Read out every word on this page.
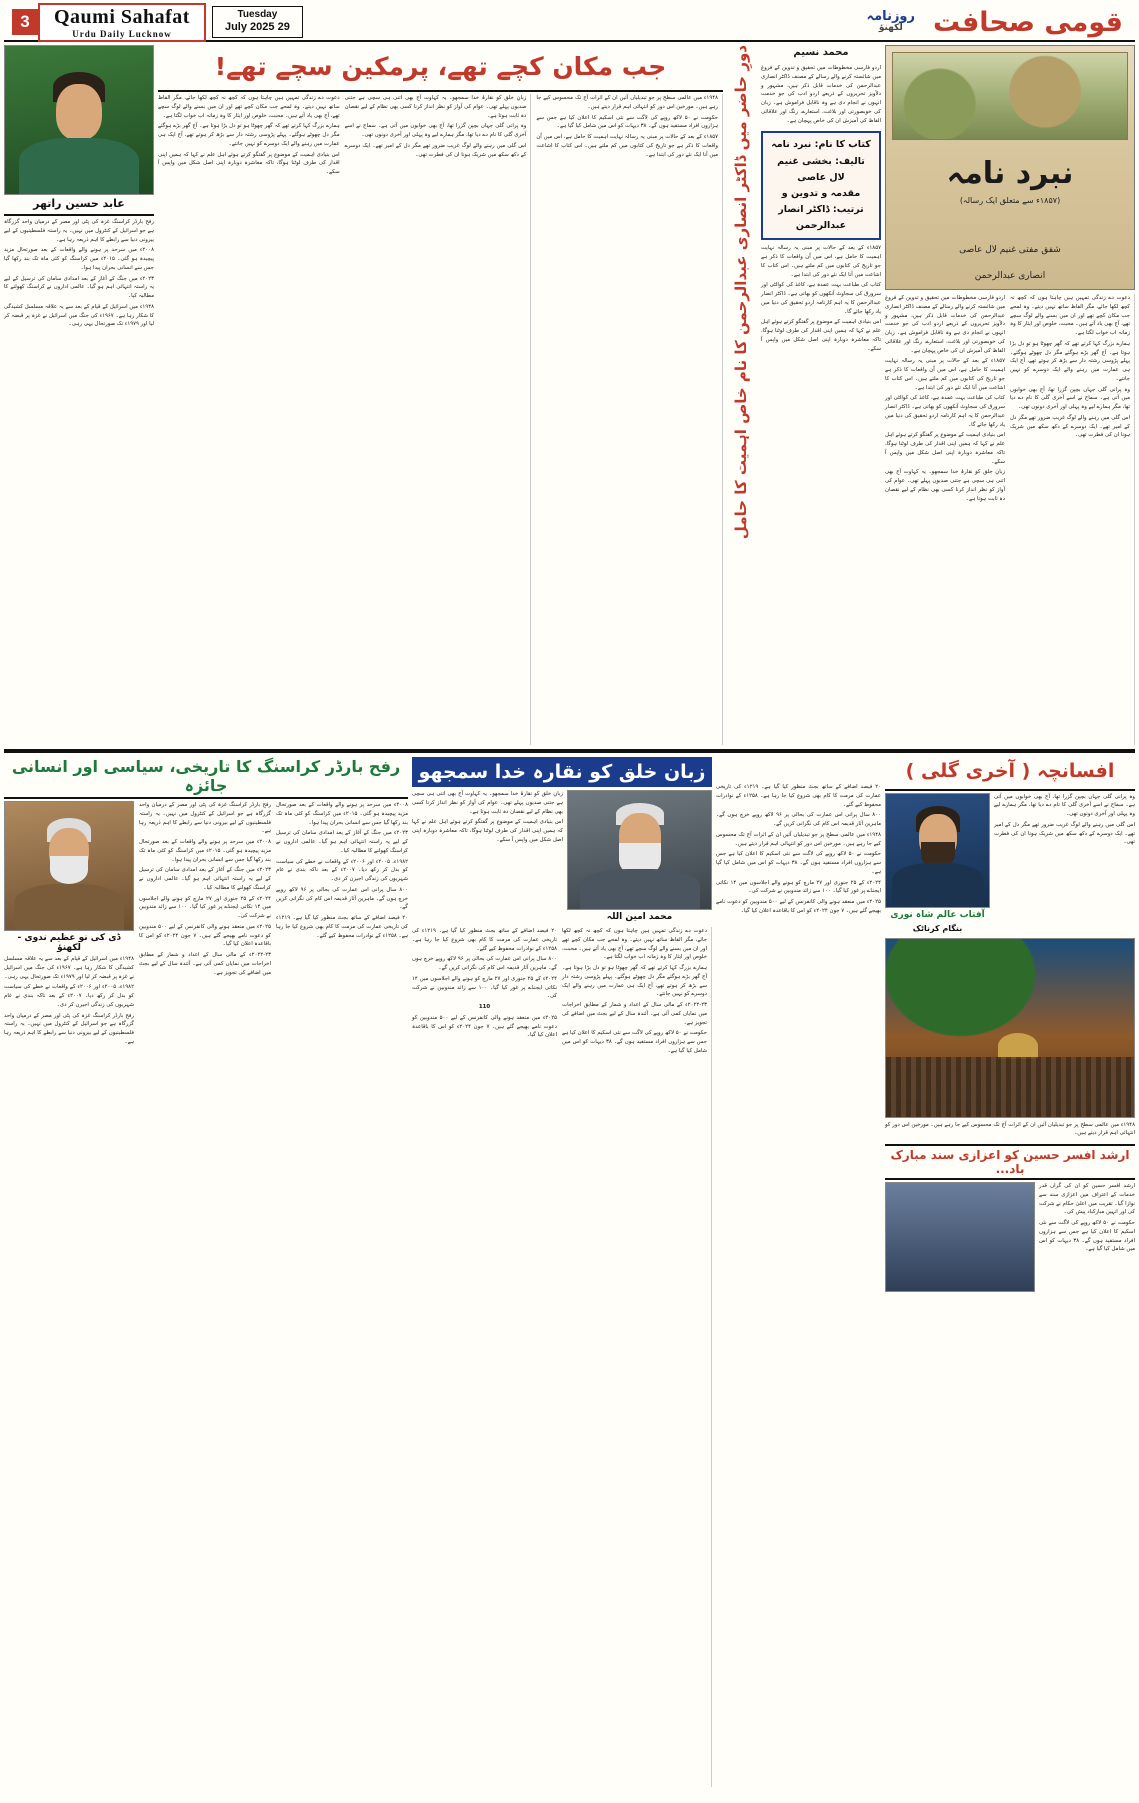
3	Qaumi Sahafat
Urdu Daily Lucknow
Tuesday
29 July 2025
روزنامہ
لکھنؤ	قومی صحافت
نبرد نامہ
(۱۸۵۷ء سے متعلق ایک رسالہ)
شفق مفتی غنیم لال عاصی
انصاری عبدالرحمن

اردو فارسی مخطوطات میں تحقیق و تدوین کے فروغ میں شائستہ کرنے والے رسالے کے مصنف ڈاکٹر انصاری عبدالرحمن کی خدمات قابل ذکر ہیں، مشہور و دلآویز تحریروں کے ذریعے اردو ادب کی جو خدمت انہوں نے انجام دی ہے وہ ناقابل فراموش ہے۔ زبان کی خوبصورتی اور بلاغت، استعارے، رنگ اور علاقائی الفاظ کی آمیزش ان کی خاص پہچان ہے۔

۱۸۵۷ء کے بعد کے حالات پر مبنی یہ رسالہ نہایت اہمیت کا حامل ہے، اس میں اُن واقعات کا ذکر ہے جو تاریخ کی کتابوں میں کم ملتے ہیں۔ اس کتاب کا اشاعت میں آنا ایک نئے دور کی ابتدا ہے۔

کتاب کی طباعت بہت عمدہ ہے، کاغذ کی کوالٹی اور سرورق کی سجاوٹ آنکھوں کو بھاتی ہے۔ ڈاکٹر انصار عبدالرحمن کا یہ اہم کارنامہ اردو تحقیق کی دنیا میں یاد رکھا جائے گا۔

اس بنیادی اہمیت کے موضوع پر گفتگو کرتے ہوئے اہل علم نے کہا کہ ہمیں اپنی اقدار کی طرف لوٹنا ہوگا، تاکہ معاشرہ دوبارہ اپنی اصل شکل میں واپس آ سکے۔

زبانِ خلق کو نقارۂ خدا سمجھو۔ یہ کہاوت آج بھی اتنی ہی سچی ہے جتنی صدیوں پہلے تھی۔ عوام کی آواز کو نظر انداز کرنا کسی بھی نظام کے لیے نقصان دہ ثابت ہوتا ہے۔

دعوت دے زندگی تمہیں ہیں چاہتا ہوں کہ کچھ نہ کچھ لکھا جائے، مگر الفاظ ساتھ نہیں دیتے۔ وہ لمحے جب مکان کچے تھے اور ان میں بسنے والے لوگ سچے تھے، آج بھی یاد آتے ہیں۔ محبت، خلوص اور ایثار کا وہ زمانہ اب خواب لگتا ہے۔

ہمارے بزرگ کہا کرتے تھے کہ گھر چھوٹا ہو تو دل بڑا ہوتا ہے۔ آج گھر بڑے ہوگئے مگر دل چھوٹے ہوگئے۔ پہلے پڑوسی رشتہ دار سے بڑھ کر ہوتے تھے، آج ایک ہی عمارت میں رہنے والے ایک دوسرے کو نہیں جانتے۔

وہ پرانی گلی جہاں بچپن گزرا تھا، آج بھی خوابوں میں آتی ہے۔ سماج نے اسے آخری گلی کا نام دے دیا تھا، مگر ہمارے لیے وہ پہلی اور آخری دونوں تھی۔

اس گلی میں رہنے والے لوگ غریب ضرور تھے مگر دل کے امیر تھے۔ ایک دوسرے کے دکھ سکھ میں شریک ہونا ان کی فطرت تھی۔

محمد نسیم

اردو فارسی مخطوطات میں تحقیق و تدوین کے فروغ میں شائستہ کرنے والے رسالے کے مصنف ڈاکٹر انصاری عبدالرحمن کی خدمات قابل ذکر ہیں، مشہور و دلآویز تحریروں کے ذریعے اردو ادب کی جو خدمت انہوں نے انجام دی ہے وہ ناقابل فراموش ہے۔ زبان کی خوبصورتی اور بلاغت، استعارے، رنگ اور علاقائی الفاظ کی آمیزش ان کی خاص پہچان ہے۔

کتاب کا نام: نبرد نامہ
تالیف: بخشی غنیم لال عاصی
مقدمہ و تدوین و ترتیب: ڈاکٹر انصار عبدالرحمن

۱۸۵۷ء کے بعد کے حالات پر مبنی یہ رسالہ نہایت اہمیت کا حامل ہے، اس میں اُن واقعات کا ذکر ہے جو تاریخ کی کتابوں میں کم ملتے ہیں۔ اس کتاب کا اشاعت میں آنا ایک نئے دور کی ابتدا ہے۔

کتاب کی طباعت بہت عمدہ ہے، کاغذ کی کوالٹی اور سرورق کی سجاوٹ آنکھوں کو بھاتی ہے۔ ڈاکٹر انصار عبدالرحمن کا یہ اہم کارنامہ اردو تحقیق کی دنیا میں یاد رکھا جائے گا۔

اس بنیادی اہمیت کے موضوع پر گفتگو کرتے ہوئے اہل علم نے کہا کہ ہمیں اپنی اقدار کی طرف لوٹنا ہوگا، تاکہ معاشرہ دوبارہ اپنی اصل شکل میں واپس آ سکے۔

دورِ حاضر میں ڈاکٹر انصاری عبدالرحمن کا نام خاص اہمیت کا حامل
جب مکان کچے تھے، پرمکین سچے تھے!

دعوت دے زندگی تمہیں ہیں چاہتا ہوں کہ کچھ نہ کچھ لکھا جائے، مگر الفاظ ساتھ نہیں دیتے۔ وہ لمحے جب مکان کچے تھے اور ان میں بسنے والے لوگ سچے تھے، آج بھی یاد آتے ہیں۔ محبت، خلوص اور ایثار کا وہ زمانہ اب خواب لگتا ہے۔

ہمارے بزرگ کہا کرتے تھے کہ گھر چھوٹا ہو تو دل بڑا ہوتا ہے۔ آج گھر بڑے ہوگئے مگر دل چھوٹے ہوگئے۔ پہلے پڑوسی رشتہ دار سے بڑھ کر ہوتے تھے، آج ایک ہی عمارت میں رہنے والے ایک دوسرے کو نہیں جانتے۔

اس بنیادی اہمیت کے موضوع پر گفتگو کرتے ہوئے اہل علم نے کہا کہ ہمیں اپنی اقدار کی طرف لوٹنا ہوگا، تاکہ معاشرہ دوبارہ اپنی اصل شکل میں واپس آ سکے۔

زبانِ خلق کو نقارۂ خدا سمجھو۔ یہ کہاوت آج بھی اتنی ہی سچی ہے جتنی صدیوں پہلے تھی۔ عوام کی آواز کو نظر انداز کرنا کسی بھی نظام کے لیے نقصان دہ ثابت ہوتا ہے۔

وہ پرانی گلی جہاں بچپن گزرا تھا، آج بھی خوابوں میں آتی ہے۔ سماج نے اسے آخری گلی کا نام دے دیا تھا، مگر ہمارے لیے وہ پہلی اور آخری دونوں تھی۔

اس گلی میں رہنے والے لوگ غریب ضرور تھے مگر دل کے امیر تھے۔ ایک دوسرے کے دکھ سکھ میں شریک ہونا ان کی فطرت تھی۔

۱۹۴۸ء میں عالمی سطح پر جو تبدیلیاں آئیں ان کے اثرات آج تک محسوس کیے جا رہے ہیں۔ مورخین اس دور کو انتہائی اہم قرار دیتے ہیں۔

حکومت نے ۵۰ لاکھ روپے کی لاگت سے نئی اسکیم کا اعلان کیا ہے جس سے ہزاروں افراد مستفید ہوں گے۔ ۳۸ دیہات کو اس میں شامل کیا گیا ہے۔

۱۸۵۷ء کے بعد کے حالات پر مبنی یہ رسالہ نہایت اہمیت کا حامل ہے، اس میں اُن واقعات کا ذکر ہے جو تاریخ کی کتابوں میں کم ملتے ہیں۔ اس کتاب کا اشاعت میں آنا ایک نئے دور کی ابتدا ہے۔

عابد حسین راتھر

رفح بارڈر کراسنگ غزہ کی پٹی اور مصر کے درمیان واحد گزرگاہ ہے جو اسرائیل کے کنٹرول میں نہیں۔ یہ راستہ فلسطینیوں کے لیے بیرونی دنیا سے رابطے کا اہم ذریعہ رہا ہے۔

۲۰۰۸ء میں سرحد پر ہونے والے واقعات کے بعد صورتحال مزید پیچیدہ ہو گئی۔ ۲۰۱۵ء میں کراسنگ کو کئی ماہ تک بند رکھا گیا جس سے انسانی بحران پیدا ہوا۔

۲۰۲۳ء میں جنگ کے آغاز کے بعد امدادی سامان کی ترسیل کے لیے یہ راستہ انتہائی اہم ہو گیا۔ عالمی اداروں نے کراسنگ کھولنے کا مطالبہ کیا۔

۱۹۴۸ء میں اسرائیل کے قیام کے بعد سے یہ علاقہ مسلسل کشیدگی کا شکار رہا ہے۔ ۱۹۶۷ء کی جنگ میں اسرائیل نے غزہ پر قبضہ کر لیا اور ۱۹۷۹ء تک صورتحال یہی رہی۔

افسانچہ ( آخری گلی )
آفتاب عالم شاہ نوری
بنگام کرناٹک

وہ پرانی گلی جہاں بچپن گزرا تھا، آج بھی خوابوں میں آتی ہے۔ سماج نے اسے آخری گلی کا نام دے دیا تھا، مگر ہمارے لیے وہ پہلی اور آخری دونوں تھی۔

اس گلی میں رہنے والے لوگ غریب ضرور تھے مگر دل کے امیر تھے۔ ایک دوسرے کے دکھ سکھ میں شریک ہونا ان کی فطرت تھی۔

۱۹۴۸ء میں عالمی سطح پر جو تبدیلیاں آئیں ان کے اثرات آج تک محسوس کیے جا رہے ہیں۔ مورخین اس دور کو انتہائی اہم قرار دیتے ہیں۔

ارشد افسر حسین کو اعزازی سند مبارک باد...

ارشد افسر حسین کو ان کی گراں قدر خدمات کے اعتراف میں اعزازی سند سے نوازا گیا۔ تقریب میں اعلیٰ حکام نے شرکت کی اور انہیں مبارکباد پیش کی۔

حکومت نے ۵۰ لاکھ روپے کی لاگت سے نئی اسکیم کا اعلان کیا ہے جس سے ہزاروں افراد مستفید ہوں گے۔ ۳۸ دیہات کو اس میں شامل کیا گیا ہے۔

۲۰ فیصد اضافے کے ساتھ بجٹ منظور کیا گیا ہے۔ ۱۲۱۹ء کی تاریخی عمارت کی مرمت کا کام بھی شروع کیا جا رہا ہے۔ ۱۲۵۸ء کے نوادرات محفوظ کیے گئے۔

۸۰۰ سال پرانی اس عمارت کی بحالی پر ۹۶ لاکھ روپے خرچ ہوں گے۔ ماہرین آثار قدیمہ اس کام کی نگرانی کریں گے۔

۱۹۴۸ء میں عالمی سطح پر جو تبدیلیاں آئیں ان کے اثرات آج تک محسوس کیے جا رہے ہیں۔ مورخین اس دور کو انتہائی اہم قرار دیتے ہیں۔

حکومت نے ۵۰ لاکھ روپے کی لاگت سے نئی اسکیم کا اعلان کیا ہے جس سے ہزاروں افراد مستفید ہوں گے۔ ۳۸ دیہات کو اس میں شامل کیا گیا ہے۔

۲۰۲۴ء کے ۲۵ جنوری اور ۲۷ مارچ کو ہونے والے اجلاسوں میں ۱۴ نکاتی ایجنڈے پر غور کیا گیا۔ ۱۰۰ سے زائد مندوبین نے شرکت کی۔

۲۰۲۵ء میں منعقد ہونے والی کانفرنس کے لیے ۵۰۰ مندوبین کو دعوت نامے بھیجے گئے ہیں۔ ۷ جون ۲۰۲۴ء کو اس کا باقاعدہ اعلان کیا گیا۔

زبان خلق کو نقارہ خدا سمجھو

زبانِ خلق کو نقارۂ خدا سمجھو۔ یہ کہاوت آج بھی اتنی ہی سچی ہے جتنی صدیوں پہلے تھی۔ عوام کی آواز کو نظر انداز کرنا کسی بھی نظام کے لیے نقصان دہ ثابت ہوتا ہے۔

اس بنیادی اہمیت کے موضوع پر گفتگو کرتے ہوئے اہل علم نے کہا کہ ہمیں اپنی اقدار کی طرف لوٹنا ہوگا، تاکہ معاشرہ دوبارہ اپنی اصل شکل میں واپس آ سکے۔

محمد امین اللہ

۲۰ فیصد اضافے کے ساتھ بجٹ منظور کیا گیا ہے۔ ۱۲۱۹ء کی تاریخی عمارت کی مرمت کا کام بھی شروع کیا جا رہا ہے۔ ۱۲۵۸ء کے نوادرات محفوظ کیے گئے۔

۸۰۰ سال پرانی اس عمارت کی بحالی پر ۹۶ لاکھ روپے خرچ ہوں گے۔ ماہرین آثار قدیمہ اس کام کی نگرانی کریں گے۔

۲۰۲۴ء کے ۲۵ جنوری اور ۲۷ مارچ کو ہونے والے اجلاسوں میں ۱۴ نکاتی ایجنڈے پر غور کیا گیا۔ ۱۰۰ سے زائد مندوبین نے شرکت کی۔

110

۲۰۲۵ء میں منعقد ہونے والی کانفرنس کے لیے ۵۰۰ مندوبین کو دعوت نامے بھیجے گئے ہیں۔ ۷ جون ۲۰۲۴ء کو اس کا باقاعدہ اعلان کیا گیا۔

دعوت دے زندگی تمہیں ہیں چاہتا ہوں کہ کچھ نہ کچھ لکھا جائے، مگر الفاظ ساتھ نہیں دیتے۔ وہ لمحے جب مکان کچے تھے اور ان میں بسنے والے لوگ سچے تھے، آج بھی یاد آتے ہیں۔ محبت، خلوص اور ایثار کا وہ زمانہ اب خواب لگتا ہے۔

ہمارے بزرگ کہا کرتے تھے کہ گھر چھوٹا ہو تو دل بڑا ہوتا ہے۔ آج گھر بڑے ہوگئے مگر دل چھوٹے ہوگئے۔ پہلے پڑوسی رشتہ دار سے بڑھ کر ہوتے تھے، آج ایک ہی عمارت میں رہنے والے ایک دوسرے کو نہیں جانتے۔

۲۰۲۲-۲۳ء کے مالی سال کے اعداد و شمار کے مطابق اخراجات میں نمایاں کمی آئی ہے۔ آئندہ سال کے لیے بجٹ میں اضافے کی تجویز ہے۔

حکومت نے ۵۰ لاکھ روپے کی لاگت سے نئی اسکیم کا اعلان کیا ہے جس سے ہزاروں افراد مستفید ہوں گے۔ ۳۸ دیہات کو اس میں شامل کیا گیا ہے۔

رفح بارڈر کراسنگ کا تاریخی، سیاسی اور انسانی جائزہ
ڈی کی نو عظیم ندوی - لکھنؤ

۱۹۴۸ء میں اسرائیل کے قیام کے بعد سے یہ علاقہ مسلسل کشیدگی کا شکار رہا ہے۔ ۱۹۶۷ء کی جنگ میں اسرائیل نے غزہ پر قبضہ کر لیا اور ۱۹۷۹ء تک صورتحال یہی رہی۔

۱۹۸۲ء، ۲۰۰۵ء اور ۲۰۰۶ء کے واقعات نے خطے کی سیاست کو بدل کر رکھ دیا۔ ۲۰۰۷ء کے بعد ناکہ بندی نے عام شہریوں کی زندگی اجیرن کر دی۔

رفح بارڈر کراسنگ غزہ کی پٹی اور مصر کے درمیان واحد گزرگاہ ہے جو اسرائیل کے کنٹرول میں نہیں۔ یہ راستہ فلسطینیوں کے لیے بیرونی دنیا سے رابطے کا اہم ذریعہ رہا ہے۔

رفح بارڈر کراسنگ غزہ کی پٹی اور مصر کے درمیان واحد گزرگاہ ہے جو اسرائیل کے کنٹرول میں نہیں۔ یہ راستہ فلسطینیوں کے لیے بیرونی دنیا سے رابطے کا اہم ذریعہ رہا ہے۔

۲۰۰۸ء میں سرحد پر ہونے والے واقعات کے بعد صورتحال مزید پیچیدہ ہو گئی۔ ۲۰۱۵ء میں کراسنگ کو کئی ماہ تک بند رکھا گیا جس سے انسانی بحران پیدا ہوا۔

۲۰۲۳ء میں جنگ کے آغاز کے بعد امدادی سامان کی ترسیل کے لیے یہ راستہ انتہائی اہم ہو گیا۔ عالمی اداروں نے کراسنگ کھولنے کا مطالبہ کیا۔

۲۰۲۴ء کے ۲۵ جنوری اور ۲۷ مارچ کو ہونے والے اجلاسوں میں ۱۴ نکاتی ایجنڈے پر غور کیا گیا۔ ۱۰۰ سے زائد مندوبین نے شرکت کی۔

۲۰۲۵ء میں منعقد ہونے والی کانفرنس کے لیے ۵۰۰ مندوبین کو دعوت نامے بھیجے گئے ہیں۔ ۷ جون ۲۰۲۴ء کو اس کا باقاعدہ اعلان کیا گیا۔

۲۰۲۲-۲۳ء کے مالی سال کے اعداد و شمار کے مطابق اخراجات میں نمایاں کمی آئی ہے۔ آئندہ سال کے لیے بجٹ میں اضافے کی تجویز ہے۔

۲۰۰۸ء میں سرحد پر ہونے والے واقعات کے بعد صورتحال مزید پیچیدہ ہو گئی۔ ۲۰۱۵ء میں کراسنگ کو کئی ماہ تک بند رکھا گیا جس سے انسانی بحران پیدا ہوا۔

۲۰۲۳ء میں جنگ کے آغاز کے بعد امدادی سامان کی ترسیل کے لیے یہ راستہ انتہائی اہم ہو گیا۔ عالمی اداروں نے کراسنگ کھولنے کا مطالبہ کیا۔

۱۹۸۲ء، ۲۰۰۵ء اور ۲۰۰۶ء کے واقعات نے خطے کی سیاست کو بدل کر رکھ دیا۔ ۲۰۰۷ء کے بعد ناکہ بندی نے عام شہریوں کی زندگی اجیرن کر دی۔

۸۰۰ سال پرانی اس عمارت کی بحالی پر ۹۶ لاکھ روپے خرچ ہوں گے۔ ماہرین آثار قدیمہ اس کام کی نگرانی کریں گے۔

۲۰ فیصد اضافے کے ساتھ بجٹ منظور کیا گیا ہے۔ ۱۲۱۹ء کی تاریخی عمارت کی مرمت کا کام بھی شروع کیا جا رہا ہے۔ ۱۲۵۸ء کے نوادرات محفوظ کیے گئے۔
